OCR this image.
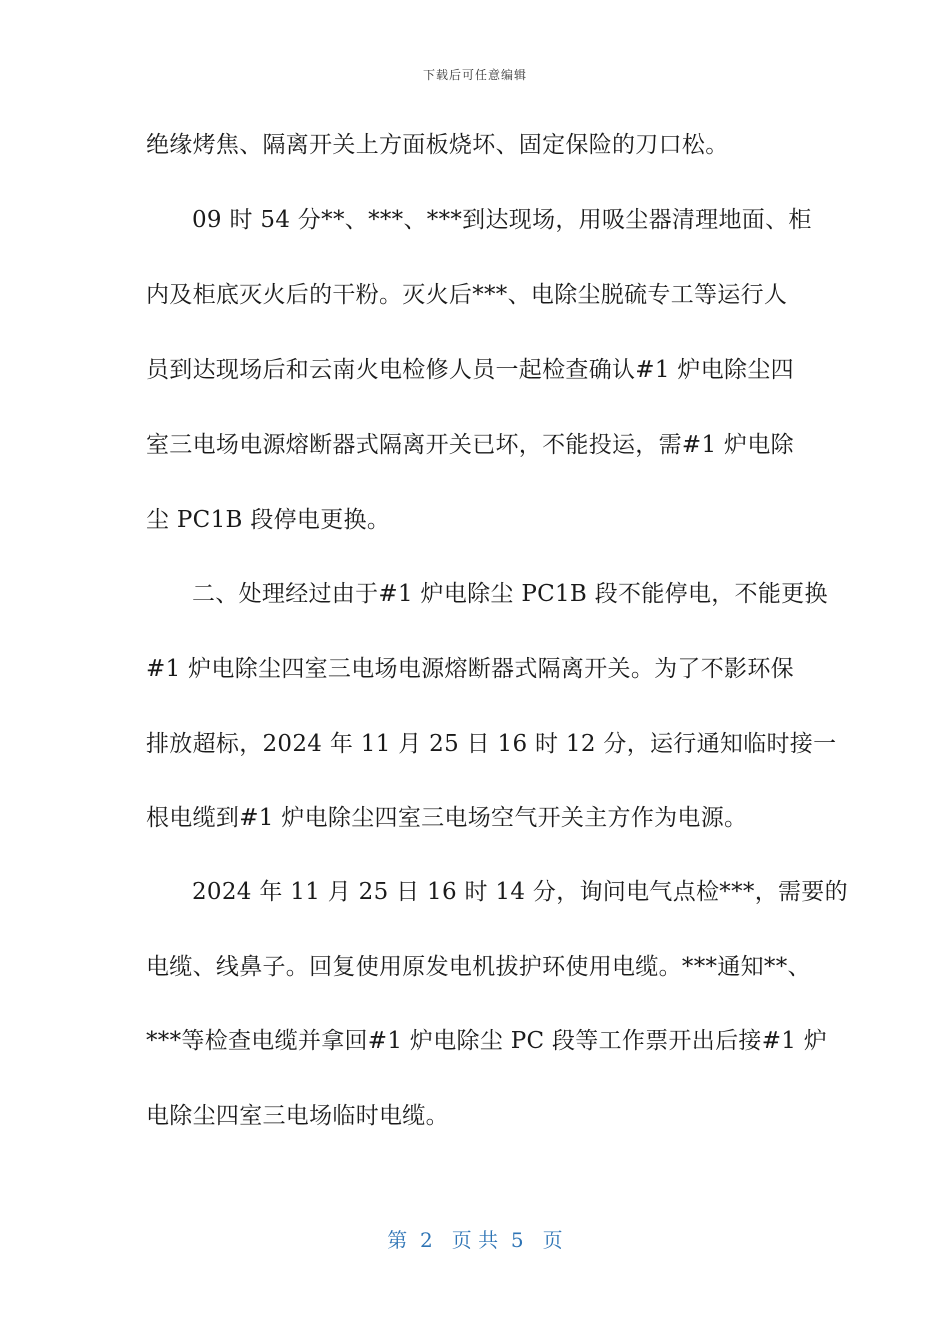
下载后可任意编辑
绝缘烤焦、隔离开关上方面板烧坏、固定保险的刀口松。
09 时 54 分**、***、***到达现场，用吸尘器清理地面、柜
内及柜底灭火后的干粉。灭火后***、电除尘脱硫专工等运行人
员到达现场后和云南火电检修人员一起检查确认#1 炉电除尘四
室三电场电源熔断器式隔离开关已坏，不能投运，需#1 炉电除
尘 PC1B 段停电更换。
二、处理经过由于#1 炉电除尘 PC1B 段不能停电，不能更换
#1 炉电除尘四室三电场电源熔断器式隔离开关。为了不影环保
排放超标，2024 年 11 月 25 日 16 时 12 分，运行通知临时接一
根电缆到#1 炉电除尘四室三电场空气开关主方作为电源。
2024 年 11 月 25 日 16 时 14 分，询问电气点检***，需要的
电缆、线鼻子。回复使用原发电机拔护环使用电缆。***通知**、
***等检查电缆并拿回#1 炉电除尘 PC 段等工作票开出后接#1 炉
电除尘四室三电场临时电缆。
第  2   页 共  5   页
